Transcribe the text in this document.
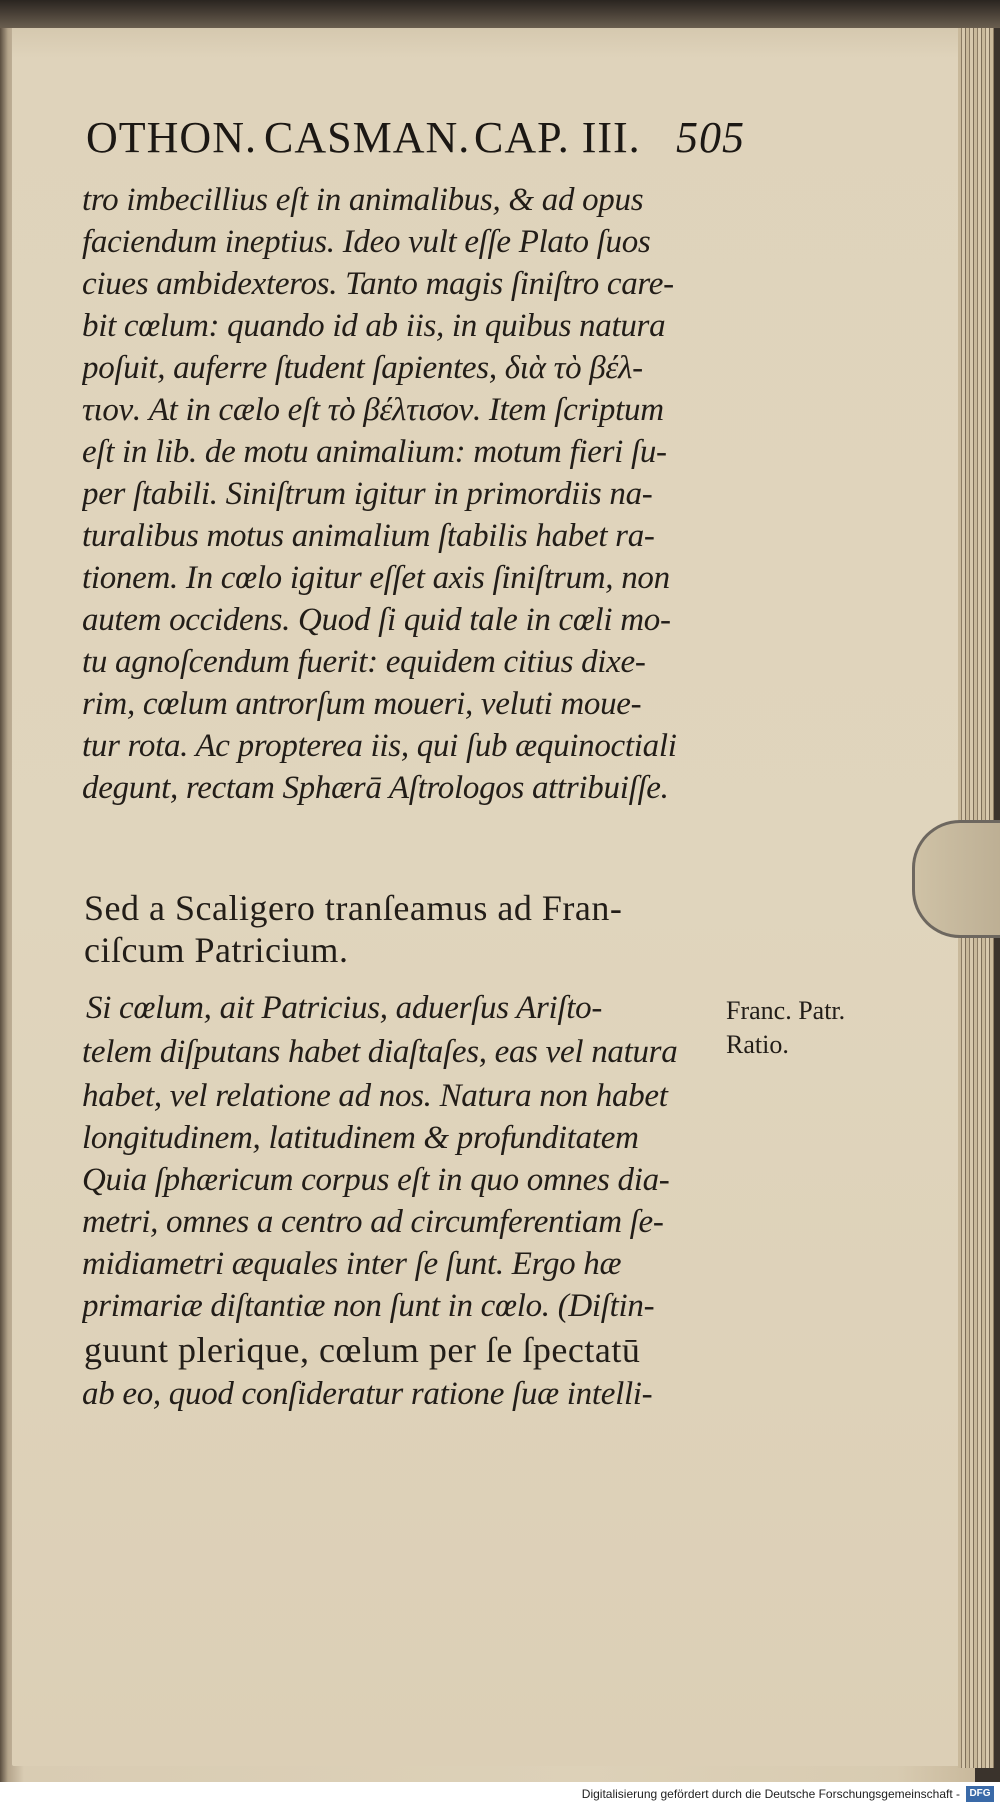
OTHON. CASMAN. CAP. III. 505
tro imbecillius eſt in animalibus, & ad opus
faciendum ineptius. Ideo vult eſſe Plato ſuos
ciues ambidexteros. Tanto magis ſiniſtro care-
bit cœlum: quando id ab iis, in quibus natura
poſuit, auferre ſtudent ſapientes, διὰ τὸ βέλ-
τιον. At in cælo eſt τὸ βέλτισον. Item ſcriptum
eſt in lib. de motu animalium: motum fieri ſu-
per ſtabili. Siniſtrum igitur in primordiis na-
turalibus motus animalium ſtabilis habet ra-
tionem. In cœlo igitur eſſet axis ſiniſtrum, non
autem occidens. Quod ſi quid tale in cœli mo-
tu agnoſcendum fuerit: equidem citius dixe-
rim, cœlum antrorſum moueri, veluti moue-
tur rota. Ac propterea iis, qui ſub æquinoctiali
degunt, rectam Sphærā Aſtrologos attribuiſſe.
Sed a Scaligero tranſeamus ad Fran-
ciſcum Patricium.
Si cœlum, ait Patricius, aduerſus Ariſto-
telem diſputans habet diaſtaſes, eas vel natura
habet, vel relatione ad nos. Natura non habet
longitudinem, latitudinem & profunditatem
Quia ſphæricum corpus eſt in quo omnes dia-
metri, omnes a centro ad circumferentiam ſe-
midiametri æquales inter ſe ſunt. Ergo hæ
primariæ diſtantiæ non ſunt in cœlo. (Diſtin-
guunt plerique, cœlum per ſe ſpectatū
ab eo, quod conſideratur ratione ſuæ intelli-
Franc. Patr.
Ratio.
Digitalisierung gefördert durch die Deutsche Forschungsgemeinschaft - DFG
